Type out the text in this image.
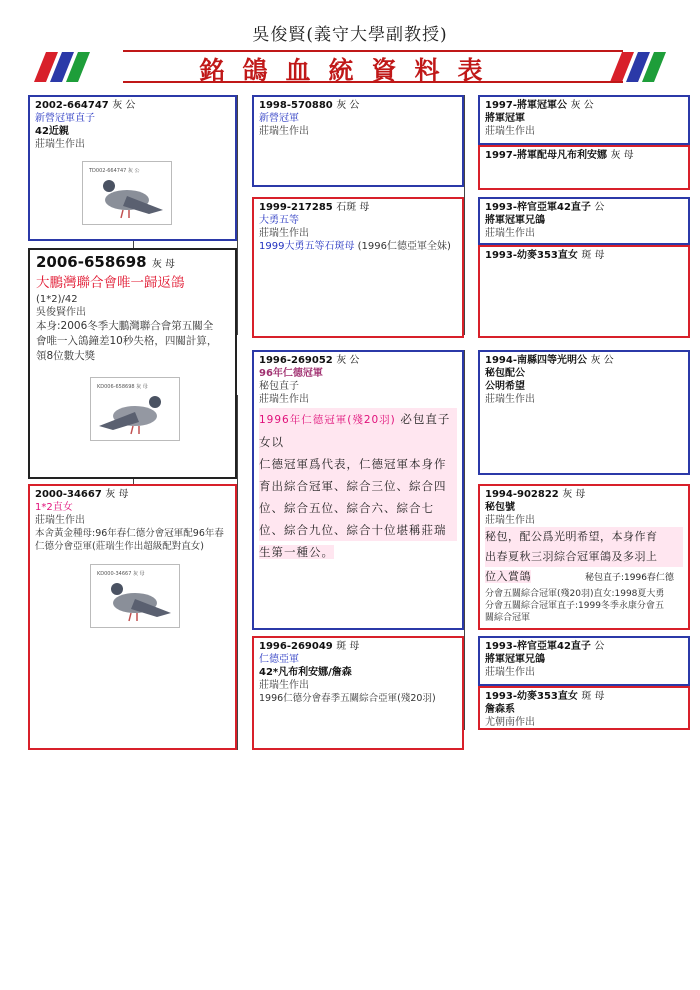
吳俊賢(義守大學副教授)
銘鴿血統資料表
2002-664747 灰 公
新營冠軍直子
42近親
莊瑞生作出
TD002-664747 灰 公
2006-658698 灰 母
大鵬灣聯合會唯一歸返鴿
(1*2)/42
吳俊賢作出
本身:2006冬季大鵬灣聯合會第五關全
會唯一入鴿鐘差10秒失格，四關計算，
領8位數大獎
KD006-658698 灰 母
2000-34667 灰 母
1*2直女
莊瑞生作出
本舍黃金種母:96年春仁德分會冠軍配96年春
仁德分會亞軍(莊瑞生作出超級配對直女)
KD000-34667 灰 母
1998-570880 灰 公
新營冠軍
莊瑞生作出
1999-217285 石斑 母
大勇五等
莊瑞生作出
1999大勇五等石斑母 (1996仁德亞軍全妹)
1996-269052 灰 公
96年仁德冠軍
秘包直子
莊瑞生作出
1996年仁德冠軍(殘20羽) 必包直子女以
仁德冠軍爲代表，仁德冠軍本身作
育出綜合冠軍、綜合三位、綜合四
位、綜合五位、綜合六、綜合七
位、綜合九位、綜合十位堪稱莊瑞
生第一種公。
1996-269049 斑 母
仁德亞軍
42*凡布利安娜/詹森
莊瑞生作出
1996仁德分會春季五關綜合亞軍(殘20羽)
1997-將軍冠軍公 灰 公
將軍冠軍
莊瑞生作出
1997-將軍配母凡布利安娜 灰 母
1993-梓官亞軍42直子 公
將軍冠軍兄鴿
莊瑞生作出
1993-幼麥353直女 斑 母
1994-南縣四等光明公 灰 公
秘包配公
公明希望
莊瑞生作出
1994-902822 灰 母
秘包號
莊瑞生作出
秘包，配公爲光明希望，本身作育
出春夏秋三羽綜合冠軍鴿及多羽上
位入賞鴿	秘包直子:1996春仁德
分會五關綜合冠軍(殘20羽)直女:1998夏大勇
分會五關綜合冠軍直子:1999冬季永康分會五
關綜合冠軍
1993-梓官亞軍42直子 公
將軍冠軍兄鴿
莊瑞生作出
1993-幼麥353直女 斑 母
詹森系
尤朝南作出
